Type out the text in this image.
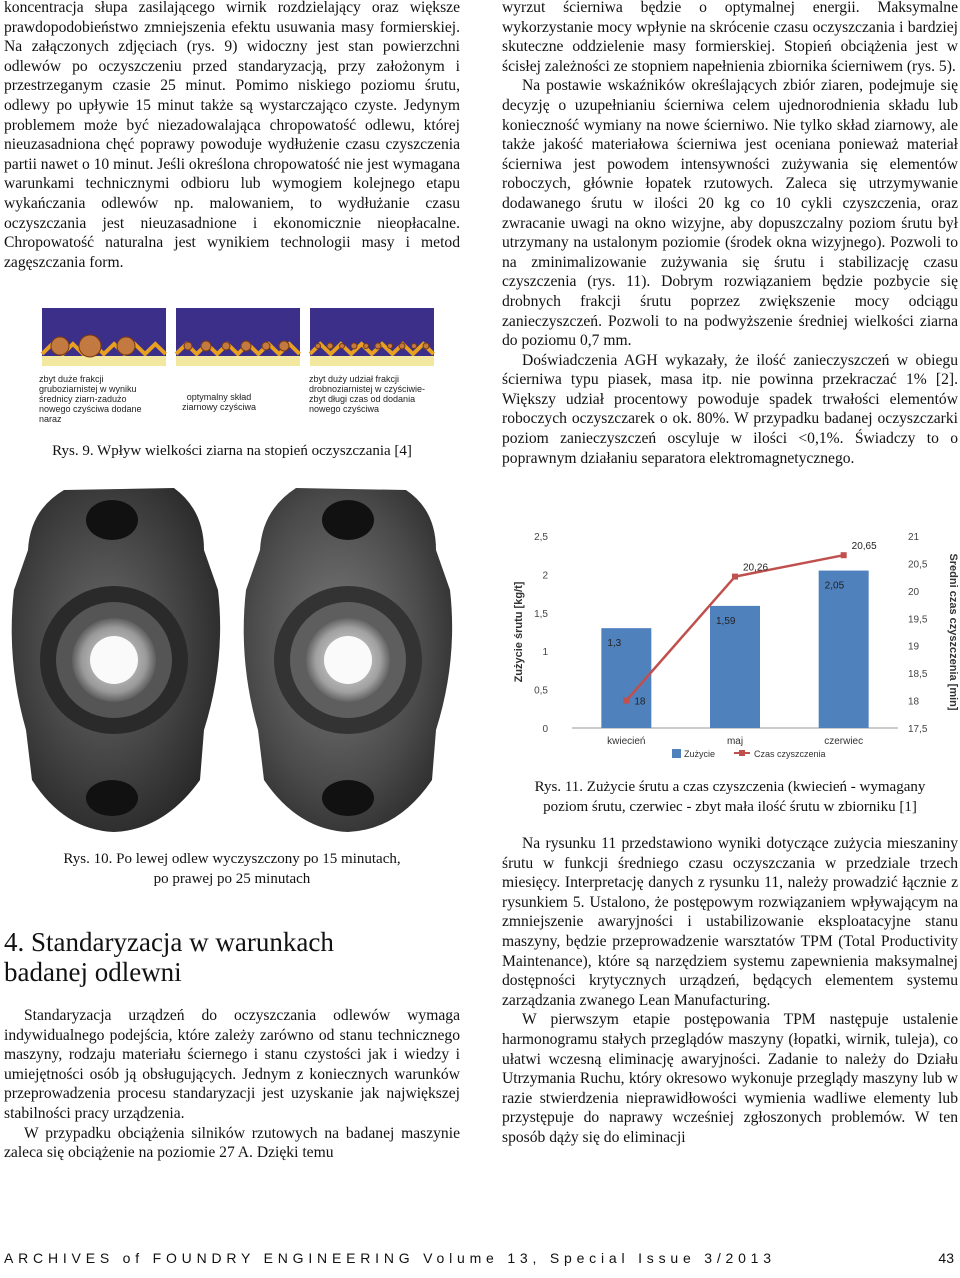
koncentracja słupa zasilającego wirnik rozdzielający oraz większe prawdopodobieństwo zmniejszenia efektu usuwania masy formierskiej. Na załączonych zdjęciach (rys. 9) widoczny jest stan powierzchni odlewów po oczyszczeniu przed standaryzacją, przy założonym i przestrzeganym czasie 25 minut. Pomimo niskiego poziomu śrutu, odlewy po upływie 15 minut także są wystarczająco czyste. Jedynym problemem może być niezadowalająca chropowatość odlewu, której nieuzasadniona chęć poprawy powoduje wydłużenie czasu czyszczenia partii nawet o 10 minut. Jeśli określona chropowatość nie jest wymagana warunkami technicznymi odbioru lub wymogiem kolejnego etapu wykańczania odlewów np. malowaniem, to wydłużanie czasu oczyszczania jest nieuzasadnione i ekonomicznie nieopłacalne. Chropowatość naturalna jest wynikiem technologii masy i metod zagęszczania form.

zbyt duże frakcji gruboziarnistej w wyniku średnicy ziarn-zadużo nowego czyściwa dodane naraz
optymalny skład ziarnowy czyściwa
zbyt duży udział frakcji drobnoziarnistej w czyściwie-zbyt długi czas od dodania nowego czyściwa
Rys. 9. Wpływ wielkości ziarna na stopień oczyszczania [4]
Rys. 10. Po lewej odlew wyczyszczony po 15 minutach,
po prawej po 25 minutach
4. Standaryzacja w warunkach
badanej odlewni

Standaryzacja urządzeń do oczyszczania odlewów wymaga indywidualnego podejścia, które zależy zarówno od stanu technicznego maszyny, rodzaju materiału ściernego i stanu czystości jak i wiedzy i umiejętności osób ją obsługujących. Jednym z koniecznych warunków przeprowadzenia procesu standaryzacji jest uzyskanie jak największej stabilności pracy urządzenia.

W przypadku obciążenia silników rzutowych na badanej maszynie zaleca się obciążenie na poziomie 27 A. Dzięki temu

wyrzut ścierniwa będzie o optymalnej energii. Maksymalne wykorzystanie mocy wpłynie na skrócenie czasu oczyszczania i bardziej skuteczne oddzielenie masy formierskiej. Stopień obciążenia jest w ścisłej zależności ze stopniem napełnienia zbiornika ścierniwem (rys. 5).

Na postawie wskaźników określających zbiór ziaren, podejmuje się decyzję o uzupełnianiu ścierniwa celem ujednorodnienia składu lub konieczność wymiany na nowe ścierniwo. Nie tylko skład ziarnowy, ale także jakość materiałowa ścierniwa jest oceniana ponieważ materiał ścierniwa jest powodem intensywności zużywania się elementów roboczych, głównie łopatek rzutowych. Zaleca się utrzymywanie dodawanego śrutu w ilości 20 kg co 10 cykli czyszczenia, oraz zwracanie uwagi na okno wizyjne, aby dopuszczalny poziom śrutu był utrzymany na ustalonym poziomie (środek okna wizyjnego). Pozwoli to na zminimalizowanie zużywania się śrutu i stabilizację czasu czyszczenia (rys. 11). Dobrym rozwiązaniem będzie pozbycie się drobnych frakcji śrutu poprzez zwiększenie mocy odciągu zanieczyszczeń. Pozwoli to na podwyższenie średniej wielkości ziarna do poziomu 0,7 mm.

Doświadczenia AGH wykazały, że ilość zanieczyszczeń w obiegu ścierniwa typu piasek, masa itp. nie powinna przekraczać 1% [2]. Większy udział procentowy powoduje spadek trwałości elementów roboczych oczyszczarek o ok. 80%. W przypadku badanej oczyszczarki poziom zanieczyszczeń oscyluje w ilości <0,1%. Świadczy to o poprawnym działaniu separatora elektromagnetycznego.

0
0,5
1
1,5
2
2,5
17,5
18
18,5
19
19,5
20
20,5
21
Zużycie śrutu [kg/t]	Średni czas czyszczenia [min]
1,3
kwiecień
1,59
maj
2,05
czerwiec
18
20,26
20,65
Zużycie	Czas czyszczenia
Rys. 11. Zużycie śrutu a czas czyszczenia (kwiecień - wymagany
poziom śrutu, czerwiec - zbyt mała ilość śrutu w zbiorniku [1]

Na rysunku 11 przedstawiono wyniki dotyczące zużycia mieszaniny śrutu w funkcji średniego czasu oczyszczania w przedziale trzech miesięcy. Interpretację danych z rysunku 11, należy prowadzić łącznie z rysunkiem 5. Ustalono, że postępowym rozwiązaniem wpływającym na zmniejszenie awaryjności i ustabilizowanie eksploatacyjne stanu maszyny, będzie przeprowadzenie warsztatów TPM (Total Productivity Maintenance), które są narzędziem systemu zapewnienia maksymalnej dostępności krytycznych urządzeń, będących elementem systemu zarządzania zwanego Lean Manufacturing.

W pierwszym etapie postępowania TPM następuje ustalenie harmonogramu stałych przeglądów maszyny (łopatki, wirnik, tuleja), co ułatwi wczesną eliminację awaryjności. Zadanie to należy do Działu Utrzymania Ruchu, który okresowo wykonuje przeglądy maszyny lub w razie stwierdzenia nieprawidłowości wymienia wadliwe elementy lub przystępuje do naprawy wcześniej zgłoszonych problemów. W ten sposób dąży się do eliminacji

ARCHIVES of FOUNDRY ENGINEERING Volume 13, Special Issue 3/2013	43
